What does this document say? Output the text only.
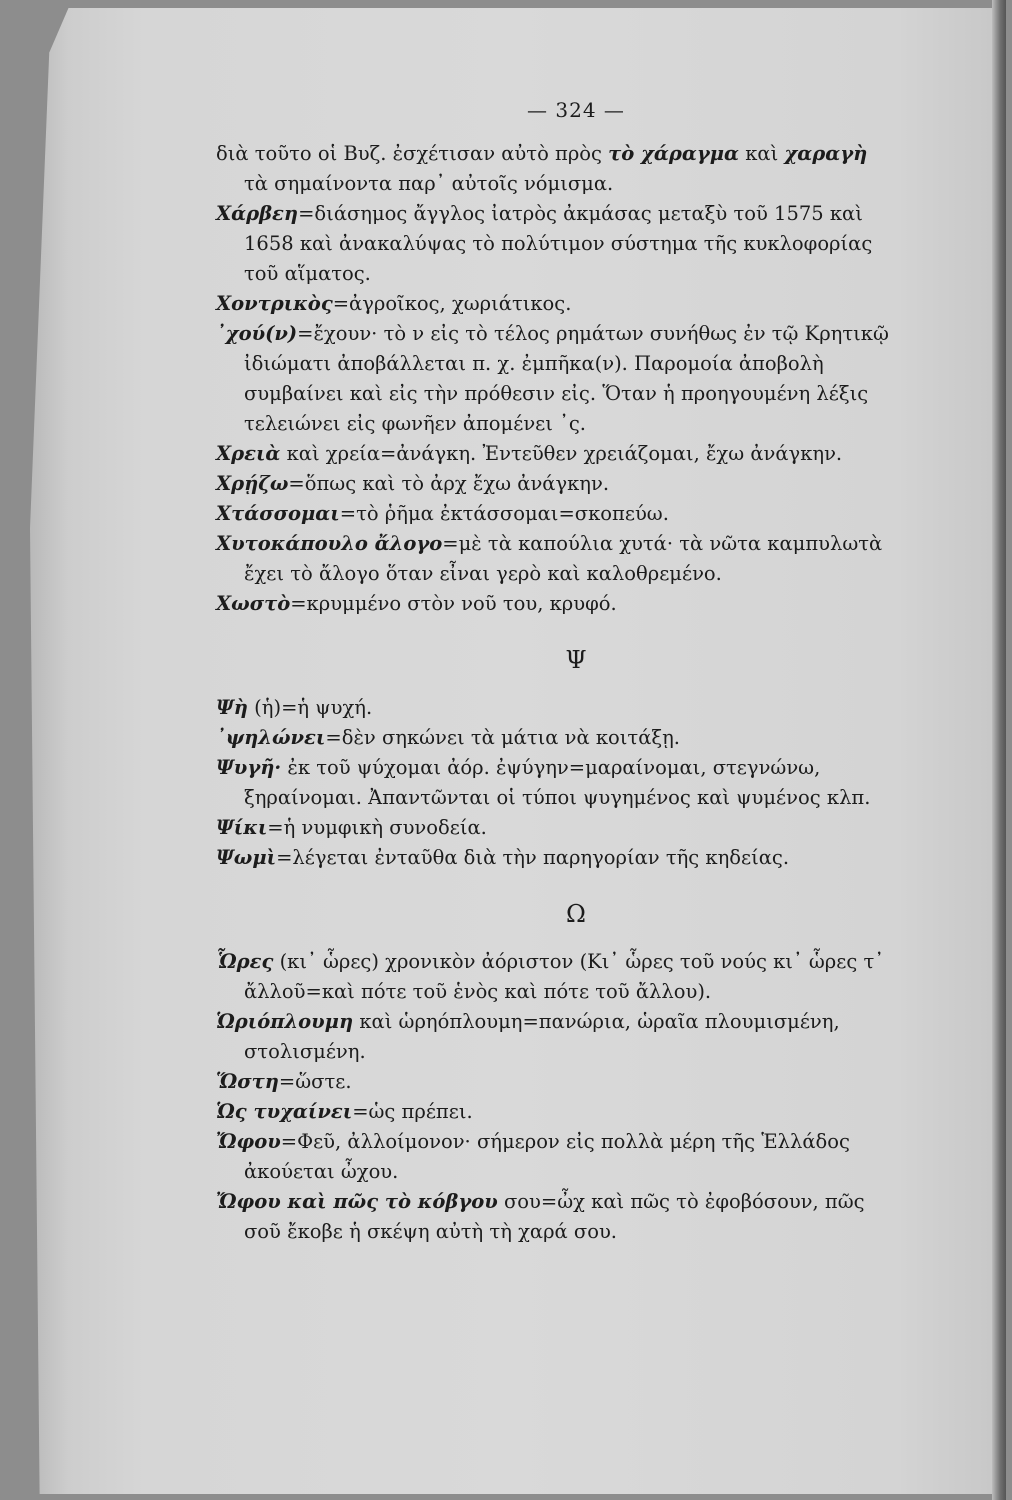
— 324 —

διὰ τοῦτο οἱ Βυζ. ἐσχέτισαν αὐτὸ πρὸς τὸ χάραγμα καὶ χαραγὴ τὰ σημαίνοντα παρ᾿ αὐτοῖς νόμισμα.

Χάρβεη=διάσημος ἄγγλος ἰατρὸς ἀκμάσας μεταξὺ τοῦ 1575 καὶ 1658 καὶ ἀνακαλύψας τὸ πολύτιμον σύστημα τῆς κυκλοφορίας τοῦ αἵματος.

Χοντρικὸς=ἀγροῖκος, χωριάτικος.

᾿χού(ν)=ἔχουν· τὸ ν εἰς τὸ τέλος ρημάτων συνήθως ἐν τῷ Κρητικῷ ἰδιώματι ἀποβάλλεται π. χ. ἐμπῆκα(ν). Παρομοία ἀποβολὴ συμβαίνει καὶ εἰς τὴν πρόθεσιν εἰς. Ὅταν ἡ προηγουμένη λέξις τελειώνει εἰς φωνῆεν ἀπομένει ᾿ς.

Χρειὰ καὶ χρεία=ἀνάγκη. Ἐντεῦθεν χρειάζομαι, ἔχω ἀνάγκην.

Χρῄζω=ὅπως καὶ τὸ ἀρχ ἔχω ἀνάγκην.

Χτάσσομαι=τὸ ῥῆμα ἐκτάσσομαι=σκοπεύω.

Χυτοκάπουλο ἄλογο=μὲ τὰ καπούλια χυτά· τὰ νῶτα καμπυλωτὰ ἔχει τὸ ἄλογο ὅταν εἶναι γερὸ καὶ καλοθρεμένο.

Χωστὸ=κρυμμένο στὸν νοῦ του, κρυφό.

Ψ

Ψὴ (ἡ)=ἡ ψυχή.

᾿ψηλώνει=δὲν σηκώνει τὰ μάτια νὰ κοιτάξῃ.

Ψυγῆ· ἐκ τοῦ ψύχομαι ἀόρ. ἐψύγην=μαραίνομαι, στεγνώνω, ξηραίνομαι. Ἀπαντῶνται οἱ τύποι ψυγημένος καὶ ψυμένος κλπ.

Ψίκι=ἡ νυμφικὴ συνοδεία.

Ψωμὶ=λέγεται ἐνταῦθα διὰ τὴν παρηγορίαν τῆς κηδείας.

Ω

Ὧρες (κι᾿ ὧρες) χρονικὸν ἀόριστον (Κι᾿ ὧρες τοῦ νούς κι᾿ ὧρες τ᾿ ἄλλοῦ=καὶ πότε τοῦ ἑνὸς καὶ πότε τοῦ ἄλλου).

Ὡριόπλουμη καὶ ὡρηόπλουμη=πανώρια, ὡραῖα πλουμισμένη, στολισμένη.

Ὥστη=ὥστε.

Ὡς τυχαίνει=ὡς πρέπει.

Ὤφου=Φεῦ, ἀλλοίμονον· σήμερον εἰς πολλὰ μέρη τῆς Ἑλλάδος ἀκούεται ὦχου.

Ὤφου καὶ πῶς τὸ κόβγου σου=ὦχ καὶ πῶς τὸ ἐφοβόσουν, πῶς σοῦ ἔκοβε ἡ σκέψη αὐτὴ τὴ χαρά σου.
